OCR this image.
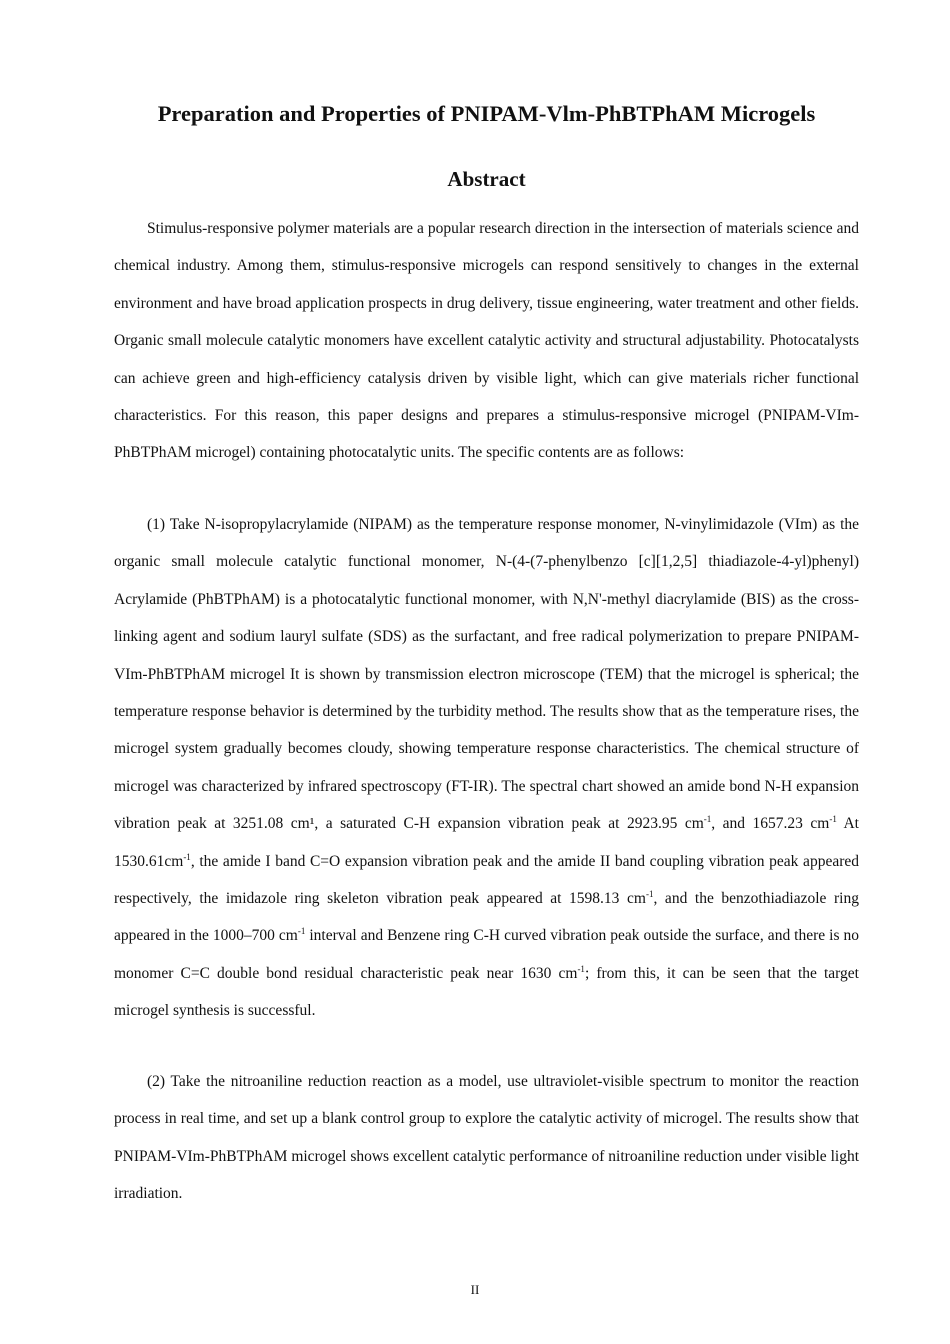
Preparation and Properties of PNIPAM-Vlm-PhBTPhAM Microgels
Abstract

Stimulus-responsive polymer materials are a popular research direction in the intersection of materials science and chemical industry. Among them, stimulus-responsive microgels can respond sensitively to changes in the external environment and have broad application prospects in drug delivery, tissue engineering, water treatment and other fields. Organic small molecule catalytic monomers have excellent catalytic activity and structural adjustability. Photocatalysts can achieve green and high-efficiency catalysis driven by visible light, which can give materials richer functional characteristics. For this reason, this paper designs and prepares a stimulus-responsive microgel (PNIPAM-VIm-PhBTPhAM microgel) containing photocatalytic units. The specific contents are as follows:

(1) Take N-isopropylacrylamide (NIPAM) as the temperature response monomer, N-vinylimidazole (VIm) as the organic small molecule catalytic functional monomer, N-(4-(7-phenylbenzo [c][1,2,5] thiadiazole-4-yl)phenyl) Acrylamide (PhBTPhAM) is a photocatalytic functional monomer, with N,N'-methyl diacrylamide (BIS) as the cross-linking agent and sodium lauryl sulfate (SDS) as the surfactant, and free radical polymerization to prepare PNIPAM-VIm-PhBTPhAM microgel It is shown by transmission electron microscope (TEM) that the microgel is spherical; the temperature response behavior is determined by the turbidity method. The results show that as the temperature rises, the microgel system gradually becomes cloudy, showing temperature response characteristics. The chemical structure of microgel was characterized by infrared spectroscopy (FT-IR). The spectral chart showed an amide bond N-H expansion vibration peak at 3251.08 cm¹, a saturated C-H expansion vibration peak at 2923.95 $cm^{-1}$, and 1657.23 $cm^{-1}$ At $1530.61cm^{-1}$, the amide I band C=O expansion vibration peak and the amide II band coupling vibration peak appeared respectively, the imidazole ring skeleton vibration peak appeared at 1598.13 $cm^{-1}$, and the benzothiadiazole ring appeared in the 1000–700 $cm^{-1}$ interval and Benzene ring C-H curved vibration peak outside the surface, and there is no monomer C=C double bond residual characteristic peak near 1630 $cm^{-1}$; from this, it can be seen that the target microgel synthesis is successful.

(2) Take the nitroaniline reduction reaction as a model, use ultraviolet-visible spectrum to monitor the reaction process in real time, and set up a blank control group to explore the catalytic activity of microgel. The results show that PNIPAM-VIm-PhBTPhAM microgel shows excellent catalytic performance of nitroaniline reduction under visible light irradiation.

II
